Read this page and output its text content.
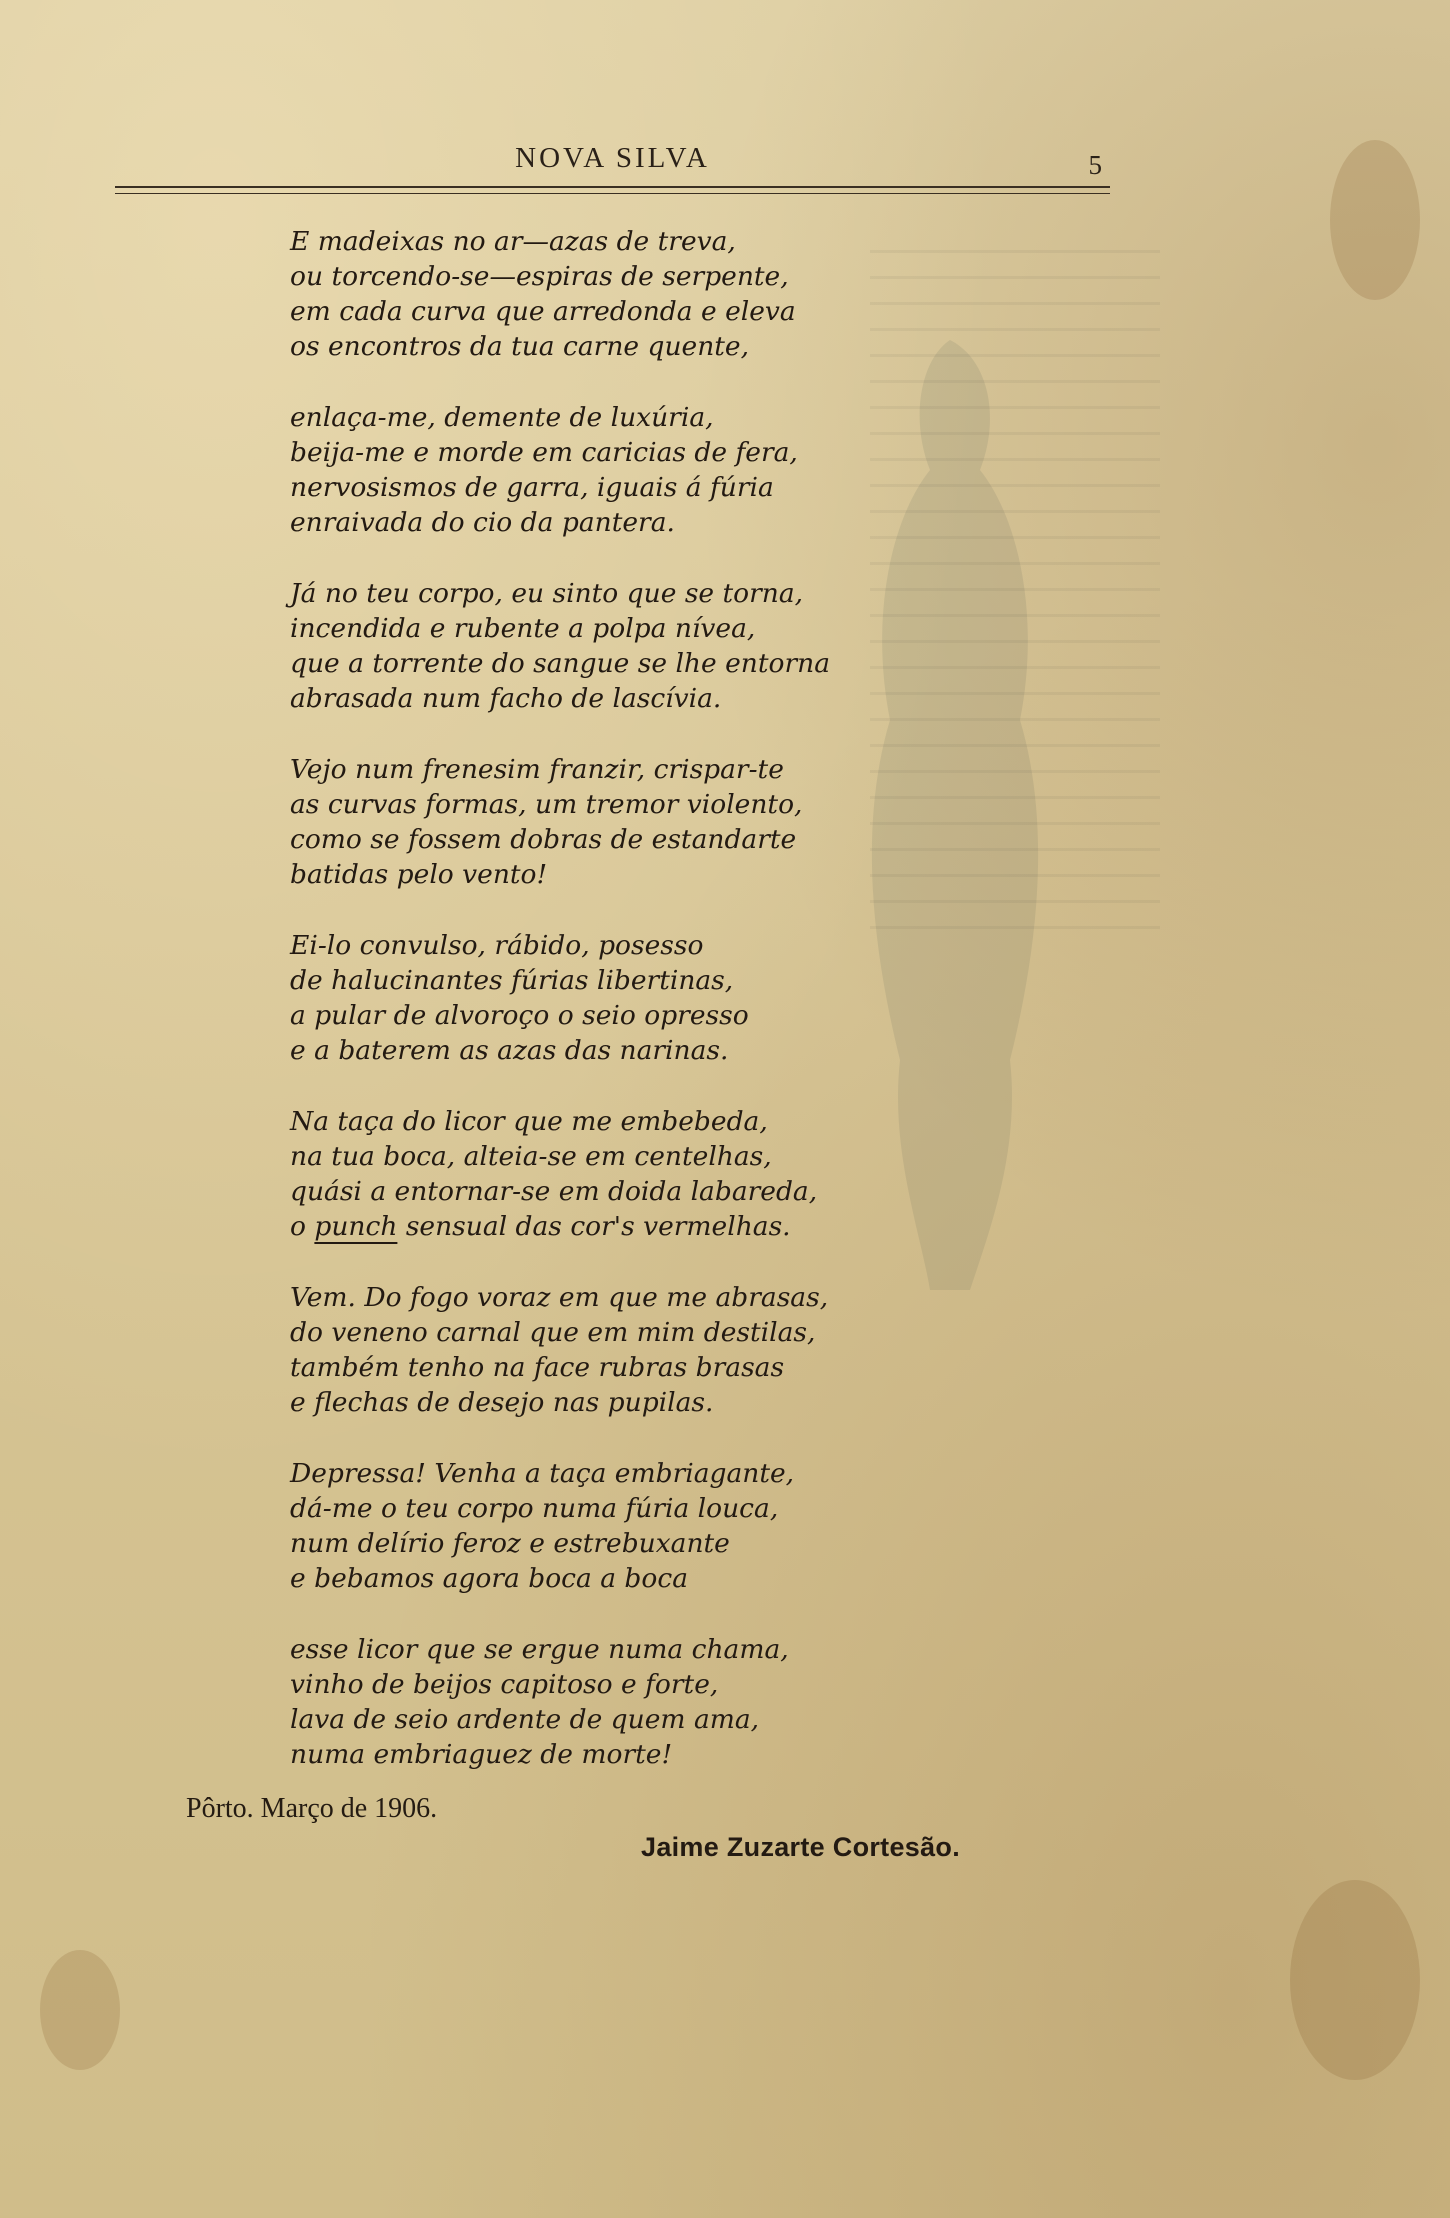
NOVA SILVA	5
E madeixas no ar—azas de treva,
ou torcendo-se—espiras de serpente,
em cada curva que arredonda e eleva
os encontros da tua carne quente,
enlaça-me, demente de luxúria,
beija-me e morde em caricias de fera,
nervosismos de garra, iguais á fúria
enraivada do cio da pantera.
Já no teu corpo, eu sinto que se torna,
incendida e rubente a polpa nívea,
que a torrente do sangue se lhe entorna
abrasada num facho de lascívia.
Vejo num frenesim franzir, crispar-te
as curvas formas, um tremor violento,
como se fossem dobras de estandarte
batidas pelo vento!
Ei-lo convulso, rábido, posesso
de halucinantes fúrias libertinas,
a pular de alvoroço o seio opresso
e a baterem as azas das narinas.
Na taça do licor que me embebeda,
na tua boca, alteia-se em centelhas,
quási a entornar-se em doida labareda,
o punch sensual das cor's vermelhas.
Vem. Do fogo voraz em que me abrasas,
do veneno carnal que em mim destilas,
também tenho na face rubras brasas
e flechas de desejo nas pupilas.
Depressa! Venha a taça embriagante,
dá-me o teu corpo numa fúria louca,
num delírio feroz e estrebuxante
e bebamos agora boca a boca
esse licor que se ergue numa chama,
vinho de beijos capitoso e forte,
lava de seio ardente de quem ama,
numa embriaguez de morte!
Pôrto. Março de 1906.
Jaime Zuzarte Cortesão.
